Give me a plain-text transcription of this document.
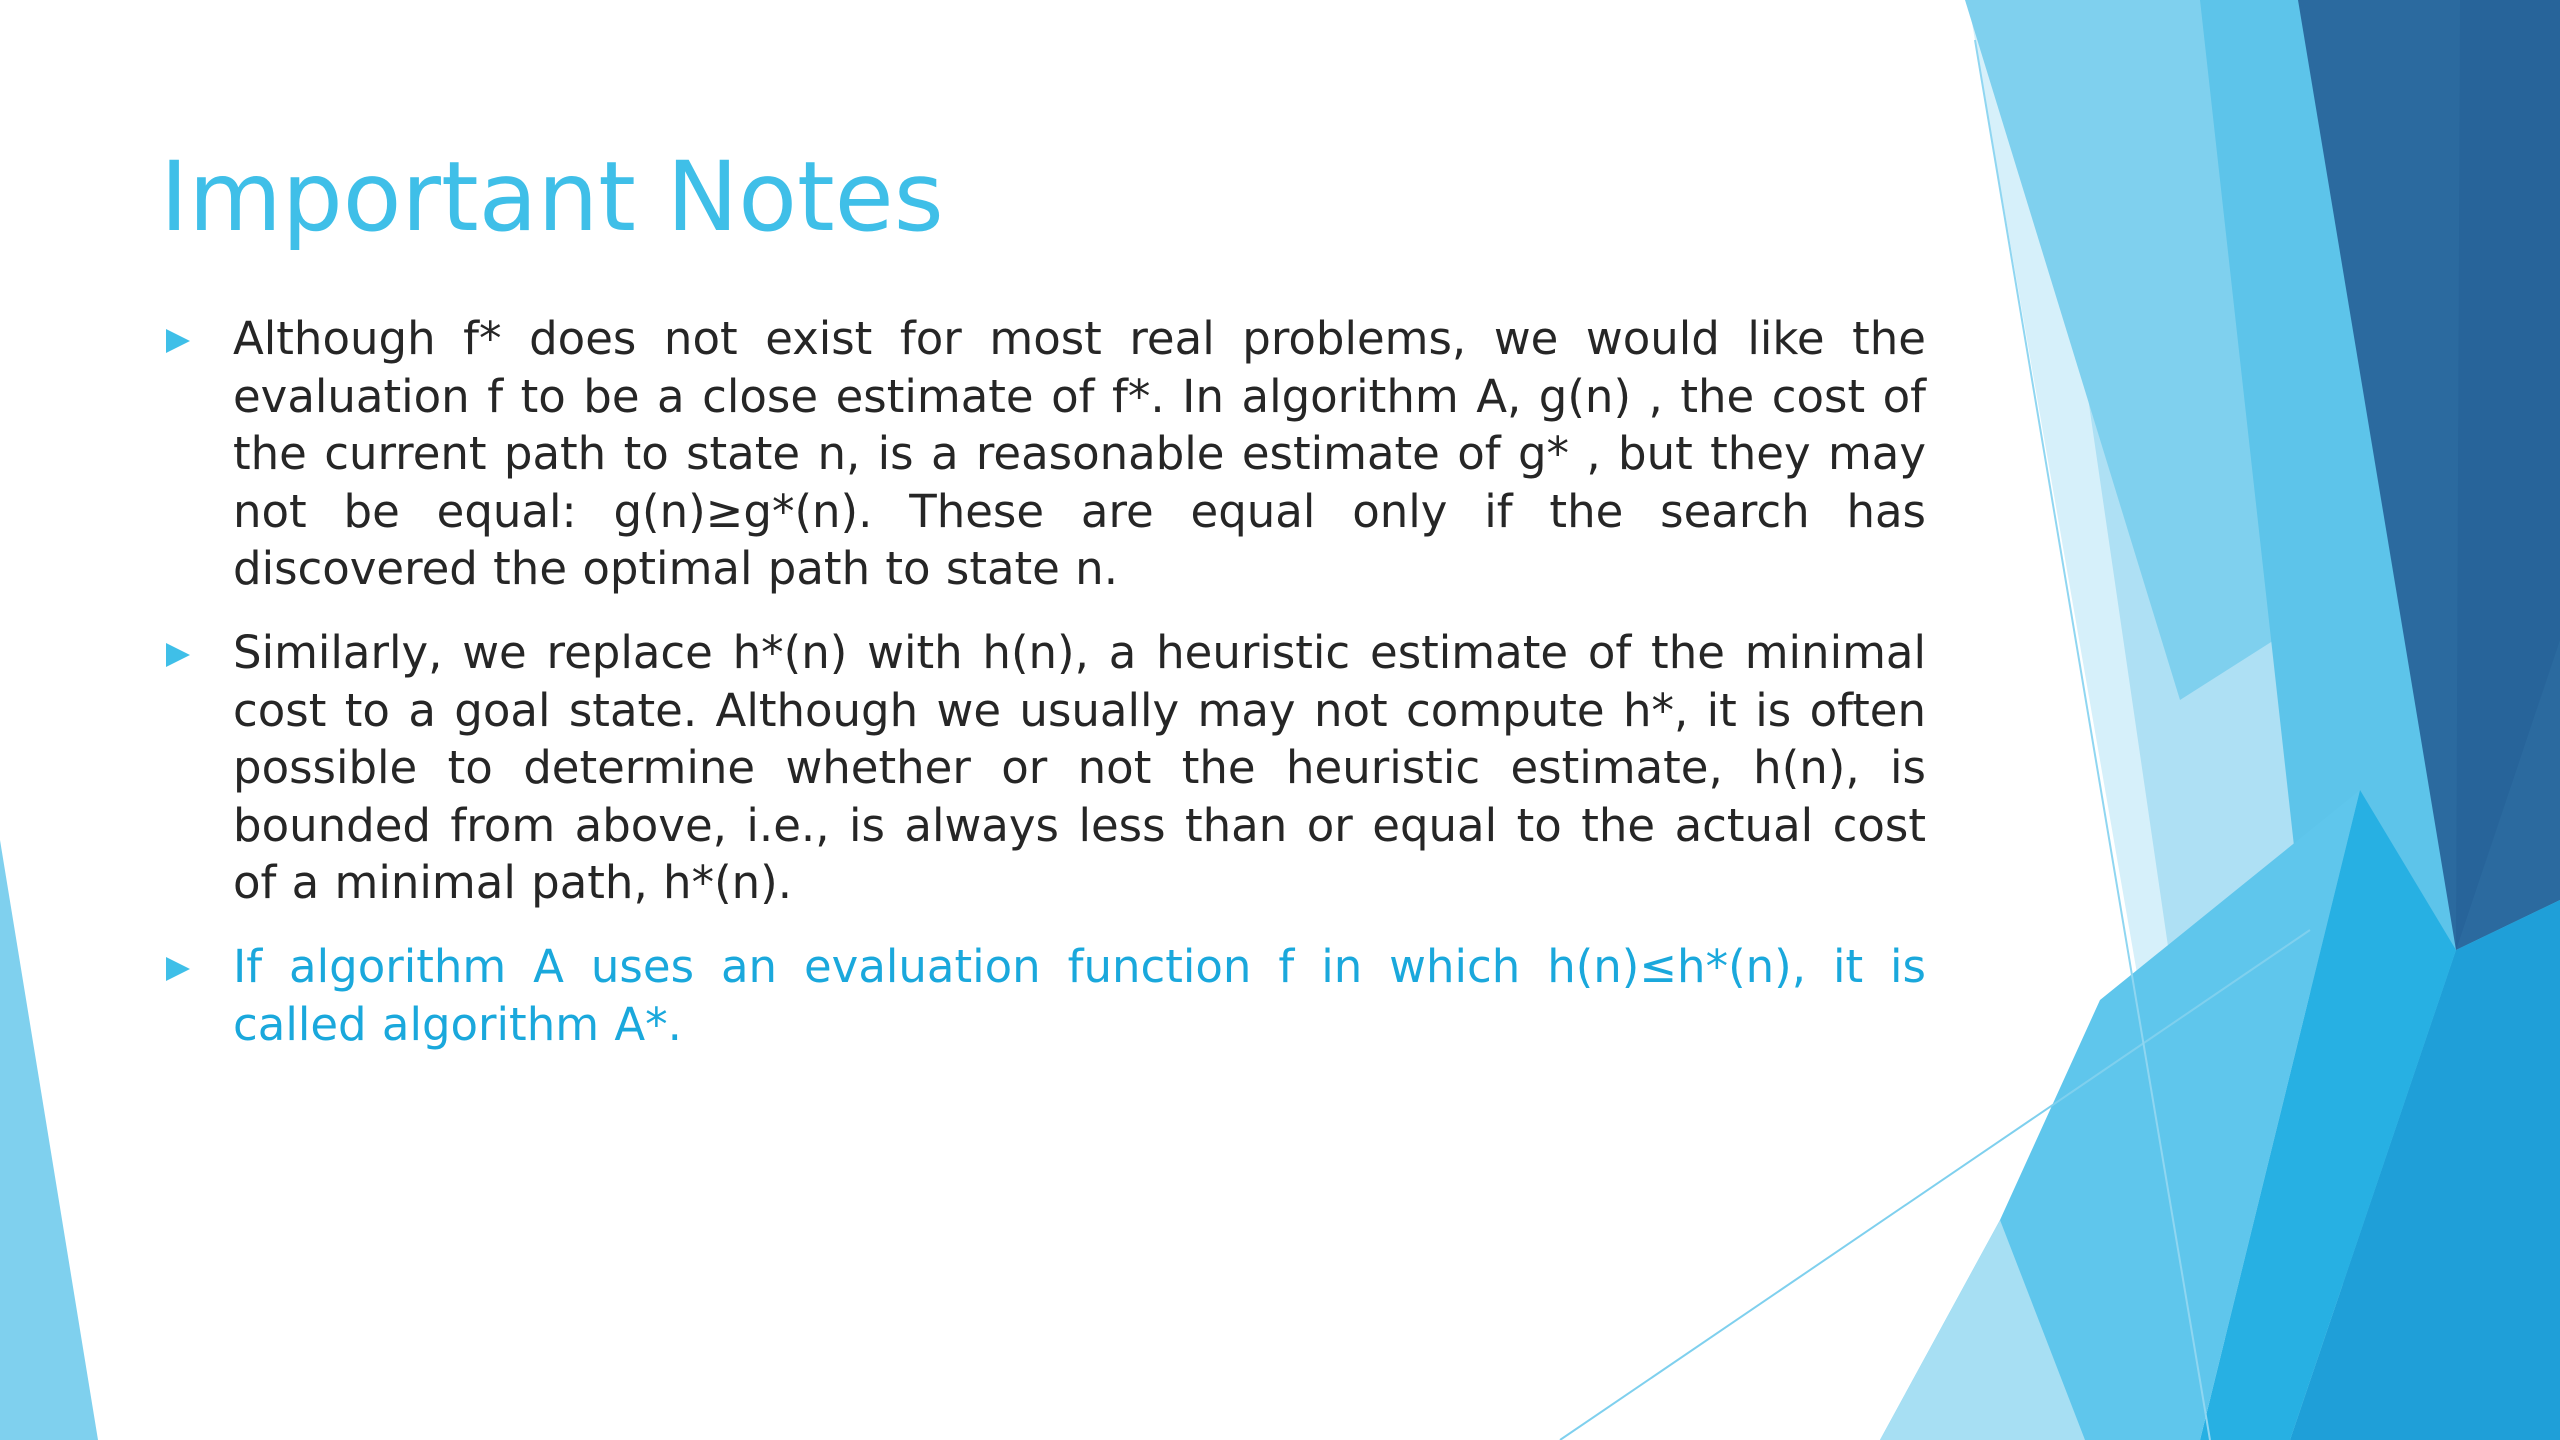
Important Notes
Although f* does not exist for most real problems, we would like the evaluation f to be a close estimate of f*. In algorithm A, g(n) , the cost of the current path to state n, is a reasonable estimate of g* , but they may not be equal: g(n)≥g*(n). These are equal only if the search has discovered the optimal path to state n.
Similarly, we replace h*(n) with h(n), a heuristic estimate of the minimal cost to a goal state. Although we usually may not compute h*, it is often possible to determine whether or not the heuristic estimate, h(n), is bounded from above, i.e., is always less than or equal to the actual cost of a minimal path, h*(n).
If algorithm A uses an evaluation function f in which h(n)≤h*(n), it is called algorithm A*.
